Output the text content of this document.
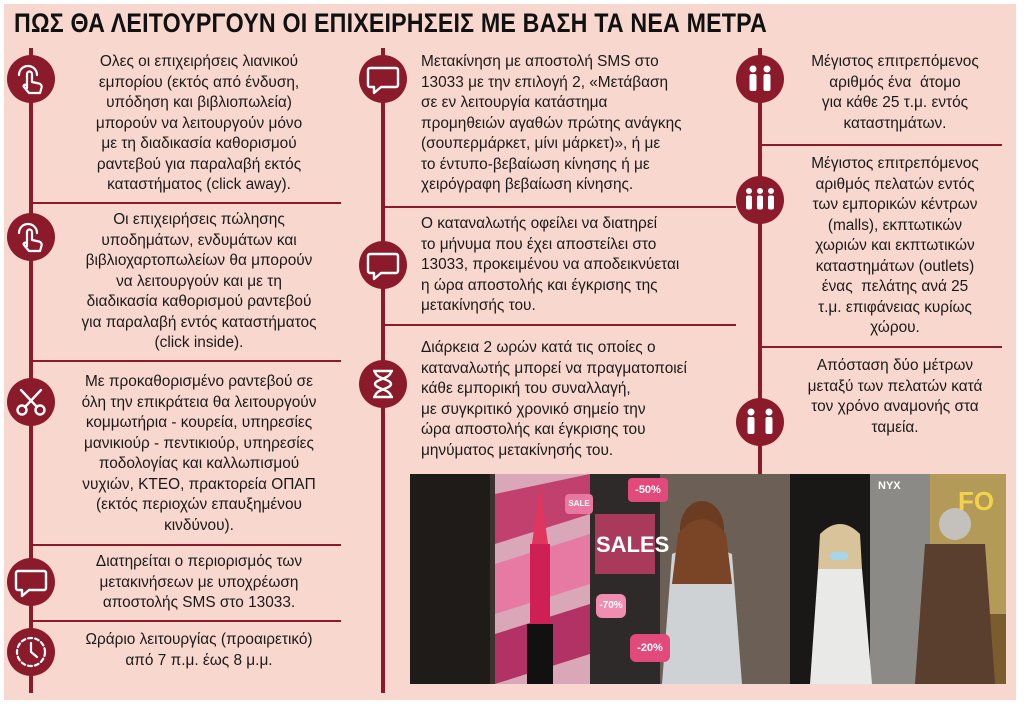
ΠΩΣ ΘΑ ΛΕΙΤΟΥΡΓΟΥΝ ΟΙ ΕΠΙΧΕΙΡΗΣΕΙΣ ΜΕ ΒΑΣΗ ΤΑ ΝΕΑ ΜΕΤΡΑ
Ολες οι επιχειρήσεις λιανικού
εμπορίου (εκτός από ένδυση,
υπόδηση και βιβλιοπωλεία)
μπορούν να λειτουργούν μόνο
με τη διαδικασία καθορισμού
ραντεβού για παραλαβή εκτός
καταστήματος (click away).
Οι επιχειρήσεις πώλησης
υποδημάτων, ενδυμάτων και
βιβλιοχαρτοπωλείων θα μπορούν
να λειτουργούν και με τη
διαδικασία καθορισμού ραντεβού
για παραλαβή εντός καταστήματος
(click inside).
Με προκαθορισμένο ραντεβού σε
όλη την επικράτεια θα λειτουργούν
κομμωτήρια - κουρεία, υπηρεσίες
μανικιούρ - πεντικιούρ, υπηρεσίες
ποδολογίας και καλλωπισμού
νυχιών, ΚΤΕΟ, πρακτορεία ΟΠΑΠ
(εκτός περιοχών επαυξημένου
κινδύνου).
Διατηρείται ο περιορισμός των
μετακινήσεων με υποχρέωση
αποστολής SMS στο 13033.
Ωράριο λειτουργίας (προαιρετικό)
από 7 π.μ. έως 8 μ.μ.
Μετακίνηση με αποστολή SMS στο
13033 με την επιλογή 2, «Μετάβαση
σε εν λειτουργία κατάστημα
προμηθειών αγαθών πρώτης ανάγκης
(σουπερμάρκετ, μίνι μάρκετ)», ή με
το έντυπο-βεβαίωση κίνησης ή με
χειρόγραφη βεβαίωση κίνησης.
Ο καταναλωτής οφείλει να διατηρεί
το μήνυμα που έχει αποστείλει στο
13033, προκειμένου να αποδεικνύεται
η ώρα αποστολής και έγκρισης της
μετακίνησής του.
Διάρκεια 2 ωρών κατά τις οποίες ο
καταναλωτής μπορεί να πραγματοποιεί
κάθε εμπορική του συναλλαγή,
με συγκριτικό χρονικό σημείο την
ώρα αποστολής και έγκρισης του
μηνύματος μετακίνησής του.
Μέγιστος επιτρεπόμενος
αριθμός ένα  άτομο
για κάθε 25 τ.μ. εντός
καταστημάτων.
Μέγιστος επιτρεπόμενος
αριθμός πελατών εντός
των εμπορικών κέντρων
(malls), εκπτωτικών
χωριών και εκπτωτικών
καταστημάτων (outlets)
ένας  πελάτης ανά 25
τ.μ. επιφάνειας κυρίως
χώρου.
Απόσταση δύο μέτρων
μεταξύ των πελατών κατά
τον χρόνο αναμονής στα
ταμεία.
SALES
-50%
-20%
-70%
SALE
NYX FO
